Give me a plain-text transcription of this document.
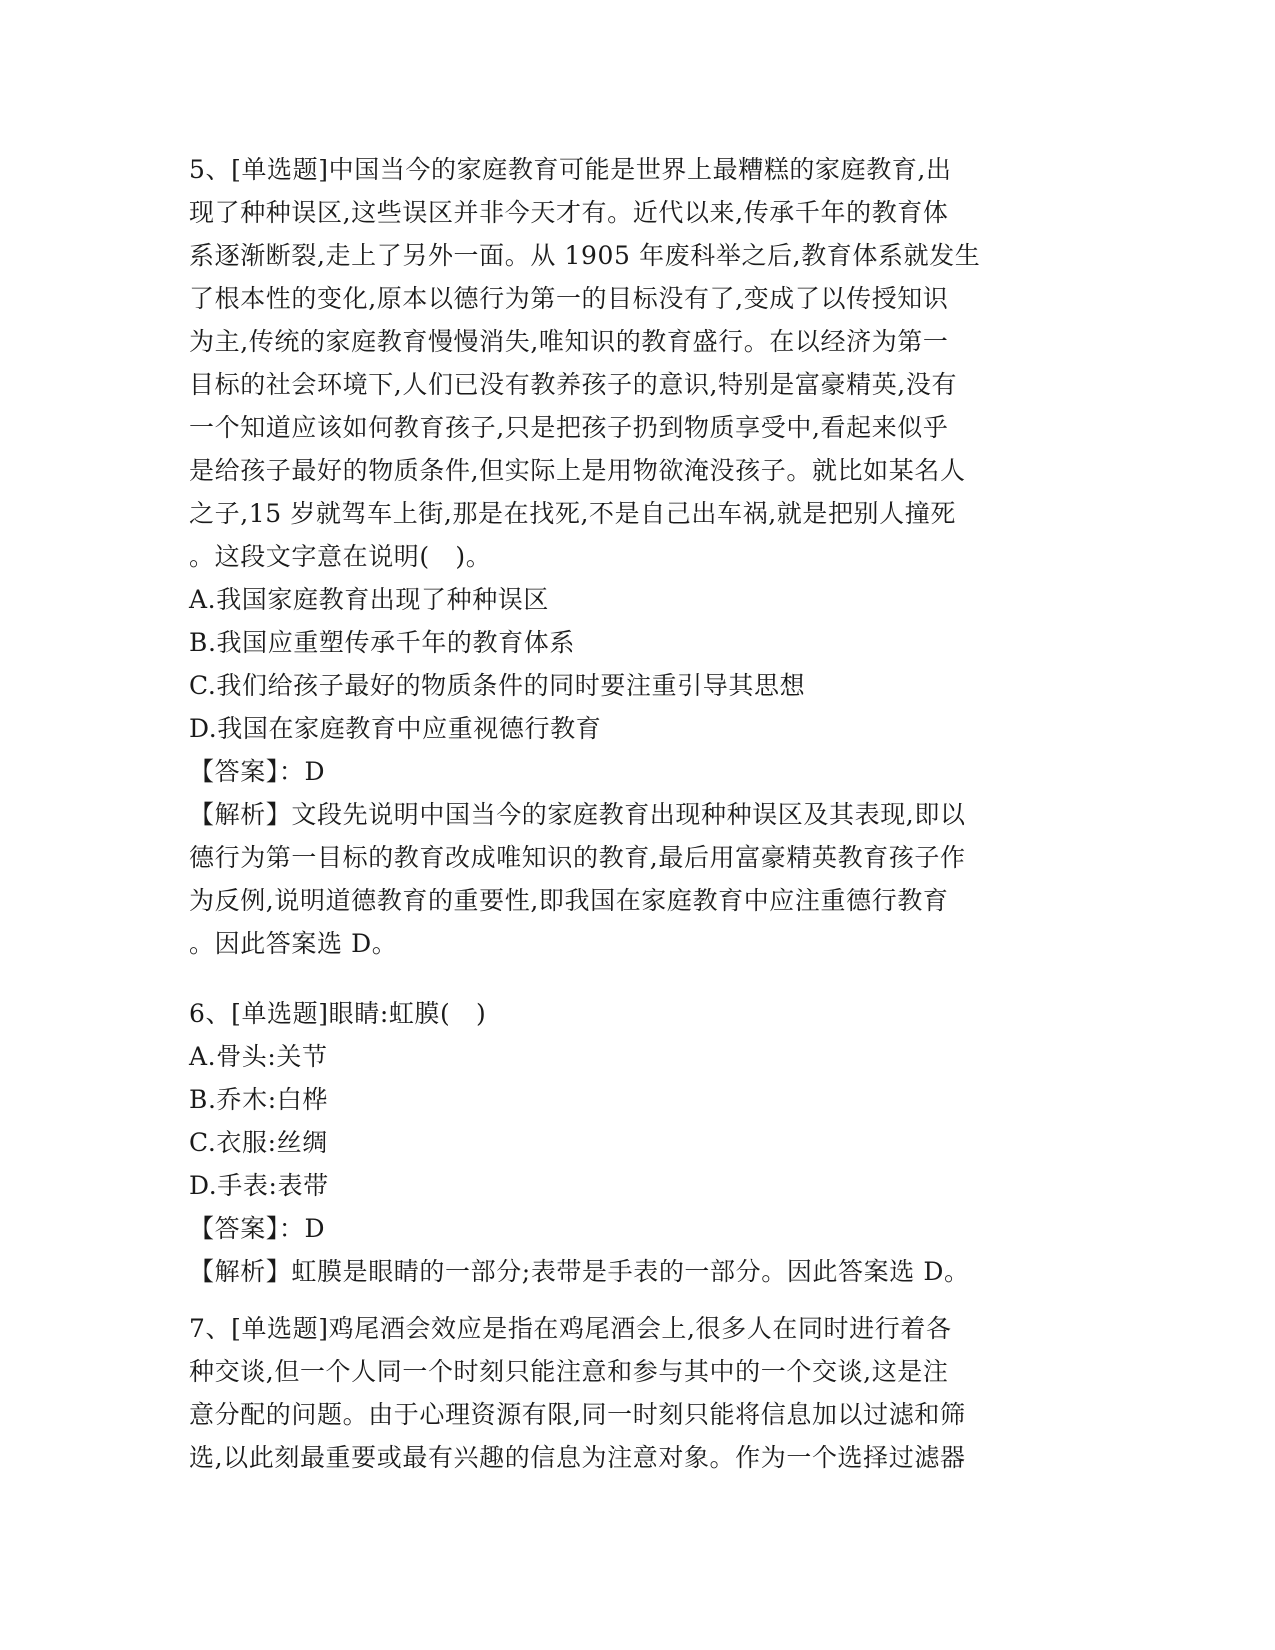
5、[单选题]中国当今的家庭教育可能是世界上最糟糕的家庭教育,出
现了种种误区,这些误区并非今天才有。近代以来,传承千年的教育体
系逐渐断裂,走上了另外一面。从 1905 年废科举之后,教育体系就发生
了根本性的变化,原本以德行为第一的目标没有了,变成了以传授知识
为主,传统的家庭教育慢慢消失,唯知识的教育盛行。在以经济为第一
目标的社会环境下,人们已没有教养孩子的意识,特别是富豪精英,没有
一个知道应该如何教育孩子,只是把孩子扔到物质享受中,看起来似乎
是给孩子最好的物质条件,但实际上是用物欲淹没孩子。就比如某名人
之子,15 岁就驾车上街,那是在找死,不是自己出车祸,就是把别人撞死
。这段文字意在说明(　)。
A.我国家庭教育出现了种种误区
B.我国应重塑传承千年的教育体系
C.我们给孩子最好的物质条件的同时要注重引导其思想
D.我国在家庭教育中应重视德行教育
【答案】：D
【解析】文段先说明中国当今的家庭教育出现种种误区及其表现,即以
德行为第一目标的教育改成唯知识的教育,最后用富豪精英教育孩子作
为反例,说明道德教育的重要性,即我国在家庭教育中应注重德行教育
。因此答案选 D。
6、[单选题]眼睛:虹膜(　)
A.骨头:关节
B.乔木:白桦
C.衣服:丝绸
D.手表:表带
【答案】：D
【解析】虹膜是眼睛的一部分;表带是手表的一部分。因此答案选 D。
7、[单选题]鸡尾酒会效应是指在鸡尾酒会上,很多人在同时进行着各
种交谈,但一个人同一个时刻只能注意和参与其中的一个交谈,这是注
意分配的问题。由于心理资源有限,同一时刻只能将信息加以过滤和筛
选,以此刻最重要或最有兴趣的信息为注意对象。作为一个选择过滤器
